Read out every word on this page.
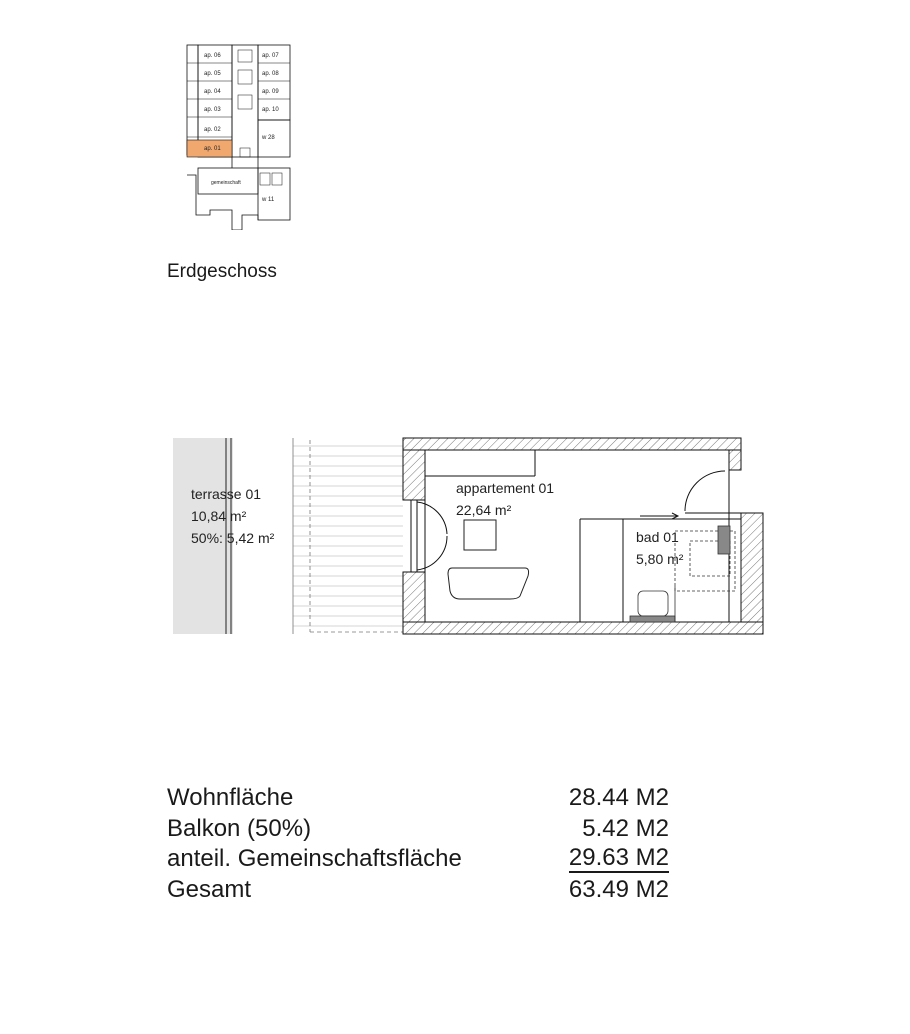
ap. 06
ap. 05
ap. 04
ap. 03
ap. 02
ap. 01
ap. 07
ap. 08
ap. 09
ap. 10
w 28
gemeinschaft
w 11
Erdgeschoss
terrasse 01
10,84 m²
50%: 5,42 m²
appartement 01
22,64 m²
bad 01
5,80 m²
Wohnfläche	28.44 M2
Balkon (50%)	5.42 M2
anteil. Gemeinschaftsfläche	29.63 M2
Gesamt	63.49 M2
